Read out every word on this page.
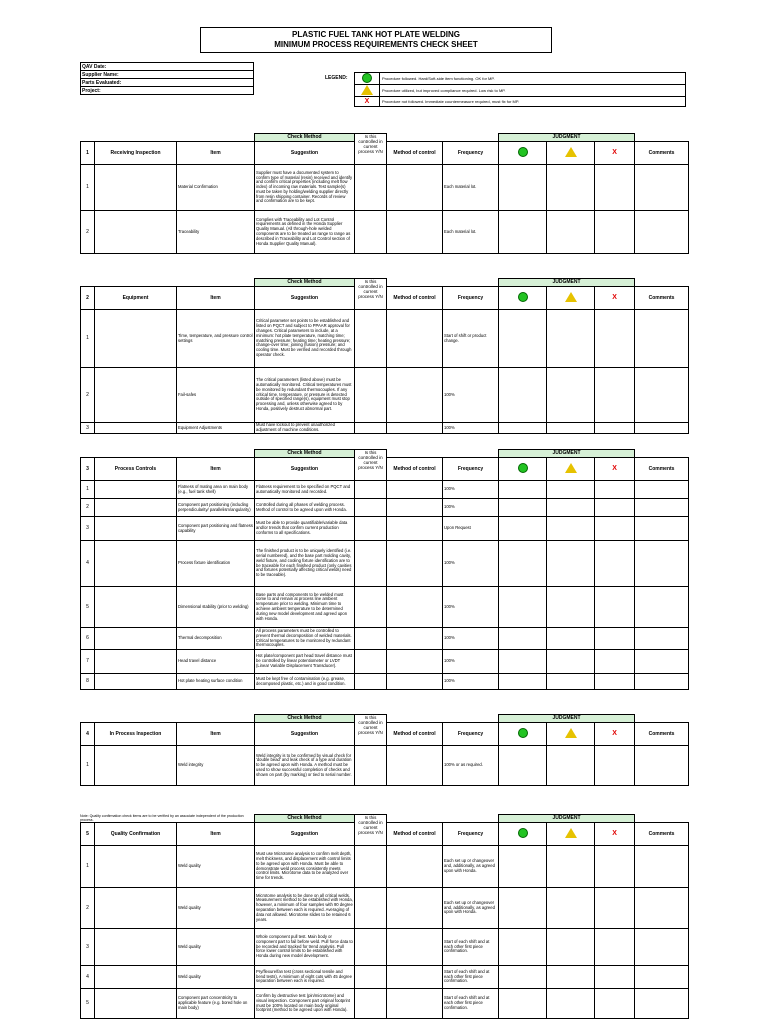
PLASTIC FUEL TANK HOT PLATE WELDING
MINIMUM PROCESS REQUIREMENTS CHECK SHEET
QAV Date:
Supplier Name:
Parts Evaluated:
Project:
LEGEND:
		Procedure followed. Hard/Soft-side item functioning. OK for MP.
	Procedure utilized, but improved compliance required. Low risk to MP.
X	Procedure not followed. Immediate countermeasure required, must fix for MP.
			Check Method	Is this controlled in current process Y/N			JUDGMENT			
1	Receiving Inspection	Item	Suggestion		Method of control	Frequency			X	Comments
1		Material Confirmation	Supplier must have a documented system to confirm type of material (resin) received and identify and confirm critical properties (including melt flow index) of incoming raw materials. Test sample(s) must be taken by holding/welding supplier directly from resin shipping container. Records of review and confirmation are to be kept.			Each material lot.				
2		Traceability	Complies with Traceability and Lot Control requirements as defined in the Honda Supplier Quality Manual. (All through-hole welded components are to be treated as range to range as described in Traceability and Lot Control section of Honda Supplier Quality Manual).			Each material lot.				
			Check Method	Is this controlled in current process Y/N			JUDGMENT			
2	Equipment	Item	Suggestion		Method of control	Frequency			X	Comments
1		Time, temperature, and pressure control settings	Critical parameter set points to be established and listed on PQCT and subject to PPAAR approval for changes. Critical parameters to include, at a minimum: hot plate temperature, matching time; matching pressure; heating time; heating pressure; change-over time; joining (fusion) pressure; and cooling time. Must be verified and recorded through operator check.			Start of shift or product change.				
2		Fail-safes	The critical parameters (listed above) must be automatically monitored. Critical temperatures must be monitored by redundant thermocouples. If any critical time, temperature, or pressure is detected outside of specified range(s), equipment must stop processing and, unless otherwise agreed to by Honda, positively destruct abnormal part.			100%				
3		Equipment Adjustments	Must have lockout to prevent unauthorized adjustment of machine conditions.			100%				
			Check Method	Is this controlled in current process Y/N			JUDGMENT			
3	Process Controls	Item	Suggestion		Method of control	Frequency			X	Comments
1		Flatness of mating area on main body (e.g., fuel tank shell)	Flatness requirement to be specified on PQCT and automatically monitored and recorded.			100%				
2		Component part positioning (including perpendicularity/ parallelism/angularity)	Controlled during all phases of welding process. Method of control to be agreed upon with Honda.			100%				
3		Component part positioning and flatness capability	Must be able to provide quantifiable/variable data and/or trends that confirm current production conforms to all specifications.			Upon Request				
4		Process fixture identification	The finished product is to be uniquely identified (i.e. serial numbered), and the base part molding cavity, weld fixture, and cooling fixture identification are to be traceable for each finished product (only cavities and fixtures potentially affecting critical welds) need to be traceable).			100%				
5		Dimensional stability (prior to welding)	Base parts and components to be welded must come to and remain at process line ambient temperature prior to welding. Minimum time to achieve ambient temperature to be determined during new model development and agreed upon with Honda.			100%				
6		Thermal decomposition	All process parameters must be controlled to prevent thermal decomposition of welded materials. Critical temperatures to be monitored by redundant thermocouples.			100%				
7		Head travel distance	Hot plate/component part head travel distance must be controlled by linear potentiometer or LVDT (Linear Variable Displacement Transducer).			100%				
8		Hot plate heating surface condition	Must be kept free of contamination (e.g. grease, decomposed plastic, etc.) and in good condition.			100%				
			Check Method	Is this controlled in current process Y/N			JUDGMENT			
4	In Process Inspection	Item	Suggestion		Method of control	Frequency			X	Comments
1		Weld integrity	Weld integrity is to be confirmed by visual check for 'double bead' and leak check of a type and duration to be agreed upon with Honda. A method must be used to show successful completion of checks and shown on part (by marking) or tied to serial number.			100% or as required.				
			Check Method	Is this controlled in current process Y/N			JUDGMENT			
5	Quality Confirmation	Item	Suggestion		Method of control	Frequency			X	Comments
1		Weld quality	Must use Microtome analysis to confirm melt depth, melt thickness, and displacement with control limits to be agreed upon with Honda. Must be able to demonstrate weld process consistently meets control limits. Microtome data to be analyzed over time for trends.			Each set up or changeover and, additionally, as agreed upon with Honda.				
2		Weld quality	Microtome analysis to be done on all critical welds. Measurement method to be established with Honda, however, a minimum of four samples with 90 degree separation between each is required. Averaging of data not allowed. Microtome slides to be retained 6 years.			Each set up or changeover and, additionally, as agreed upon with Honda.				
3		Weld quality	Whole component pull test. Main body or component part to fail before weld. Pull force data to be recorded and tracked for trend analysis. Pull force lower control limits to be established with Honda during new model development.			Start of each shift and at each other first piece confirmation.				
4		Weld quality	Pry/flexure/fan test (cross sectional tensile and bend tests). A minimum of eight cuts with 45 degree separation between each is required.			Start of each shift and at each other first piece confirmation.				
5		Component part concentricity to applicable feature (e.g. bored hole on main body)	Confirm by destructive test (pin/microtome) and visual inspection. Component part original footprint must be 100% located on main body original footprint (method to be agreed upon with Honda).			Start of each shift and at each other first piece confirmation.				
Note: Quality confirmation check items are to be verified by an associate independent of the production process.
